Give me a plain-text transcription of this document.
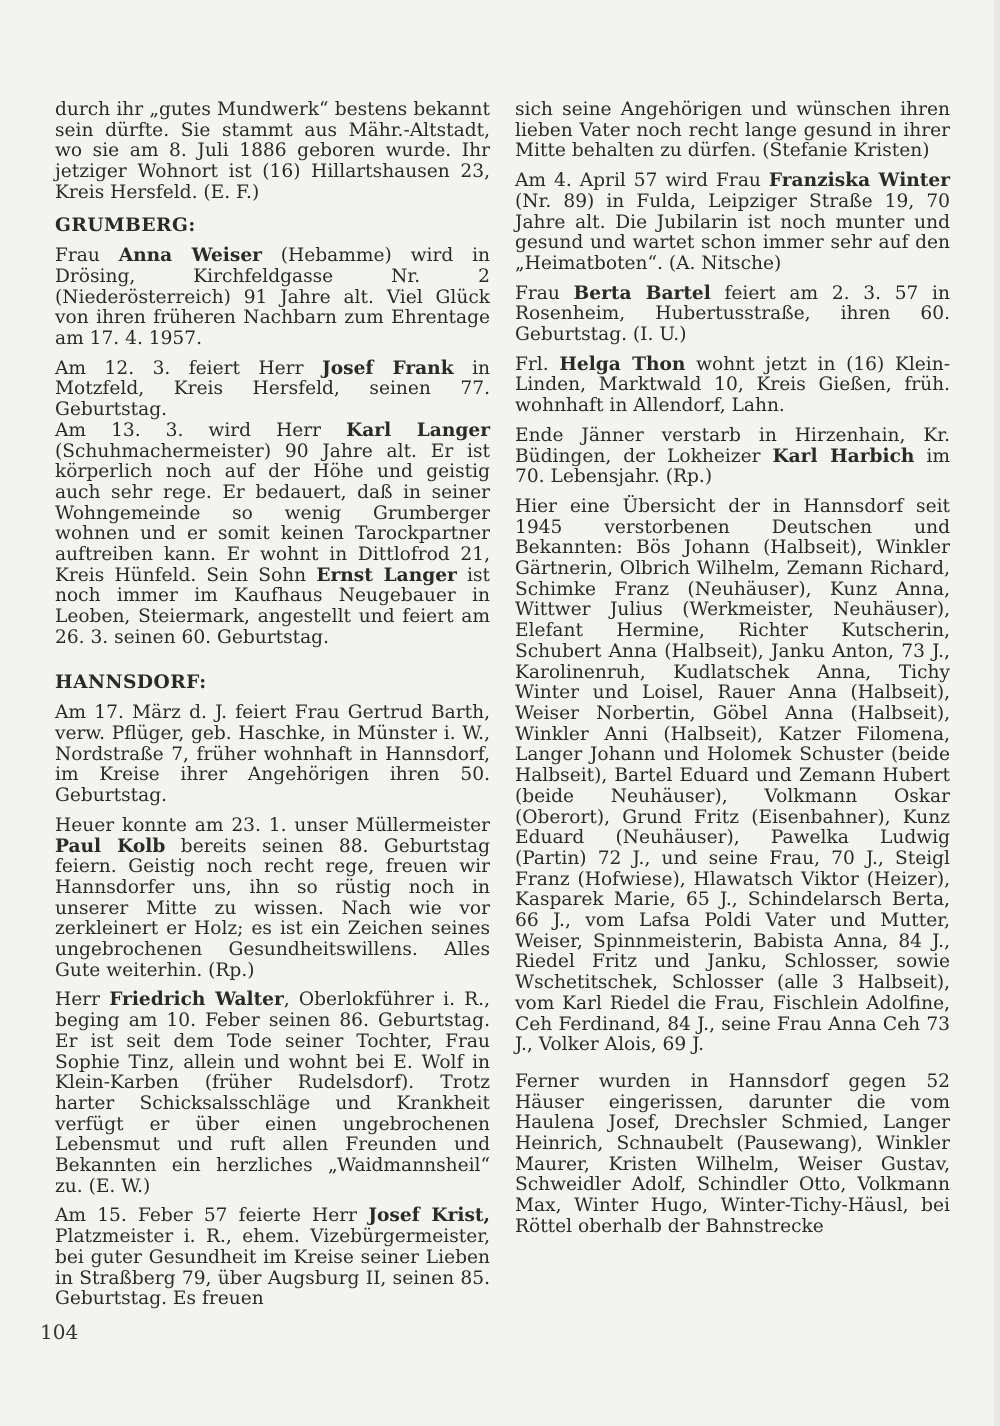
durch ihr „gutes Mundwerk“ bestens bekannt sein dürfte. Sie stammt aus Mähr.-Altstadt, wo sie am 8. Juli 1886 geboren wurde. Ihr jetziger Wohnort ist (16) Hillartshausen 23, Kreis Hersfeld. (E. F.)

GRUMBERG:

Frau Anna Weiser (Hebamme) wird in Drösing, Kirchfeldgasse Nr. 2 (Niederösterreich) 91 Jahre alt. Viel Glück von ihren früheren Nachbarn zum Ehrentage am 17. 4. 1957.

Am 12. 3. feiert Herr Josef Frank in Motzfeld, Kreis Hersfeld, seinen 77. Geburtstag.

Am 13. 3. wird Herr Karl Langer (Schuhmachermeister) 90 Jahre alt. Er ist körperlich noch auf der Höhe und geistig auch sehr rege. Er bedauert, daß in seiner Wohngemeinde so wenig Grumberger wohnen und er somit keinen Tarockpartner auftreiben kann. Er wohnt in Dittlofrod 21, Kreis Hünfeld. Sein Sohn Ernst Langer ist noch immer im Kaufhaus Neugebauer in Leoben, Steiermark, angestellt und feiert am 26. 3. seinen 60. Geburtstag.

HANNSDORF:

Am 17. März d. J. feiert Frau Gertrud Barth, verw. Pflüger, geb. Haschke, in Münster i. W., Nordstraße 7, früher wohnhaft in Hannsdorf, im Kreise ihrer Angehörigen ihren 50. Geburtstag.

Heuer konnte am 23. 1. unser Müllermeister Paul Kolb bereits seinen 88. Geburtstag feiern. Geistig noch recht rege, freuen wir Hannsdorfer uns, ihn so rüstig noch in unserer Mitte zu wissen. Nach wie vor zerkleinert er Holz; es ist ein Zeichen seines ungebrochenen Gesundheitswillens. Alles Gute weiterhin. (Rp.)

Herr Friedrich Walter, Oberlokführer i. R., beging am 10. Feber seinen 86. Geburtstag. Er ist seit dem Tode seiner Tochter, Frau Sophie Tinz, allein und wohnt bei E. Wolf in Klein-Karben (früher Rudelsdorf). Trotz harter Schicksalsschläge und Krankheit verfügt er über einen ungebrochenen Lebensmut und ruft allen Freunden und Bekannten ein herzliches „Waidmannsheil“ zu. (E. W.)

Am 15. Feber 57 feierte Herr Josef Krist, Platzmeister i. R., ehem. Vizebürgermeister, bei guter Gesundheit im Kreise seiner Lieben in Straßberg 79, über Augsburg II, seinen 85. Geburtstag. Es freuen

sich seine Angehörigen und wünschen ihren lieben Vater noch recht lange gesund in ihrer Mitte behalten zu dürfen. (Stefanie Kristen)

Am 4. April 57 wird Frau Franziska Winter (Nr. 89) in Fulda, Leipziger Straße 19, 70 Jahre alt. Die Jubilarin ist noch munter und gesund und wartet schon immer sehr auf den „Heimatboten“. (A. Nitsche)

Frau Berta Bartel feiert am 2. 3. 57 in Rosenheim, Hubertusstraße, ihren 60. Geburtstag. (I. U.)

Frl. Helga Thon wohnt jetzt in (16) Klein-Linden, Marktwald 10, Kreis Gießen, früh. wohnhaft in Allendorf, Lahn.

Ende Jänner verstarb in Hirzenhain, Kr. Büdingen, der Lokheizer Karl Harbich im 70. Lebensjahr. (Rp.)

Hier eine Übersicht der in Hannsdorf seit 1945 verstorbenen Deutschen und Bekannten: Bös Johann (Halbseit), Winkler Gärtnerin, Olbrich Wilhelm, Zemann Richard, Schimke Franz (Neuhäuser), Kunz Anna, Wittwer Julius (Werkmeister, Neuhäuser), Elefant Hermine, Richter Kutscherin, Schubert Anna (Halbseit), Janku Anton, 73 J., Karolinenruh, Kudlatschek Anna, Tichy Winter und Loisel, Rauer Anna (Halbseit), Weiser Norbertin, Göbel Anna (Halbseit), Winkler Anni (Halbseit), Katzer Filomena, Langer Johann und Holomek Schuster (beide Halbseit), Bartel Eduard und Zemann Hubert (beide Neuhäuser), Volkmann Oskar (Oberort), Grund Fritz (Eisenbahner), Kunz Eduard (Neuhäuser), Pawelka Ludwig (Partin) 72 J., und seine Frau, 70 J., Steigl Franz (Hofwiese), Hlawatsch Viktor (Heizer), Kasparek Marie, 65 J., Schindelarsch Berta, 66 J., vom Lafsa Poldi Vater und Mutter, Weiser, Spinnmeisterin, Babista Anna, 84 J., Riedel Fritz und Janku, Schlosser, sowie Wschetitschek, Schlosser (alle 3 Halbseit), vom Karl Riedel die Frau, Fischlein Adolfine, Ceh Ferdinand, 84 J., seine Frau Anna Ceh 73 J., Volker Alois, 69 J.

Ferner wurden in Hannsdorf gegen 52 Häuser eingerissen, darunter die vom Haulena Josef, Drechsler Schmied, Langer Heinrich, Schnaubelt (Pausewang), Winkler Maurer, Kristen Wilhelm, Weiser Gustav, Schweidler Adolf, Schindler Otto, Volkmann Max, Winter Hugo, Winter-Tichy-Häusl, bei Röttel oberhalb der Bahnstrecke

104
